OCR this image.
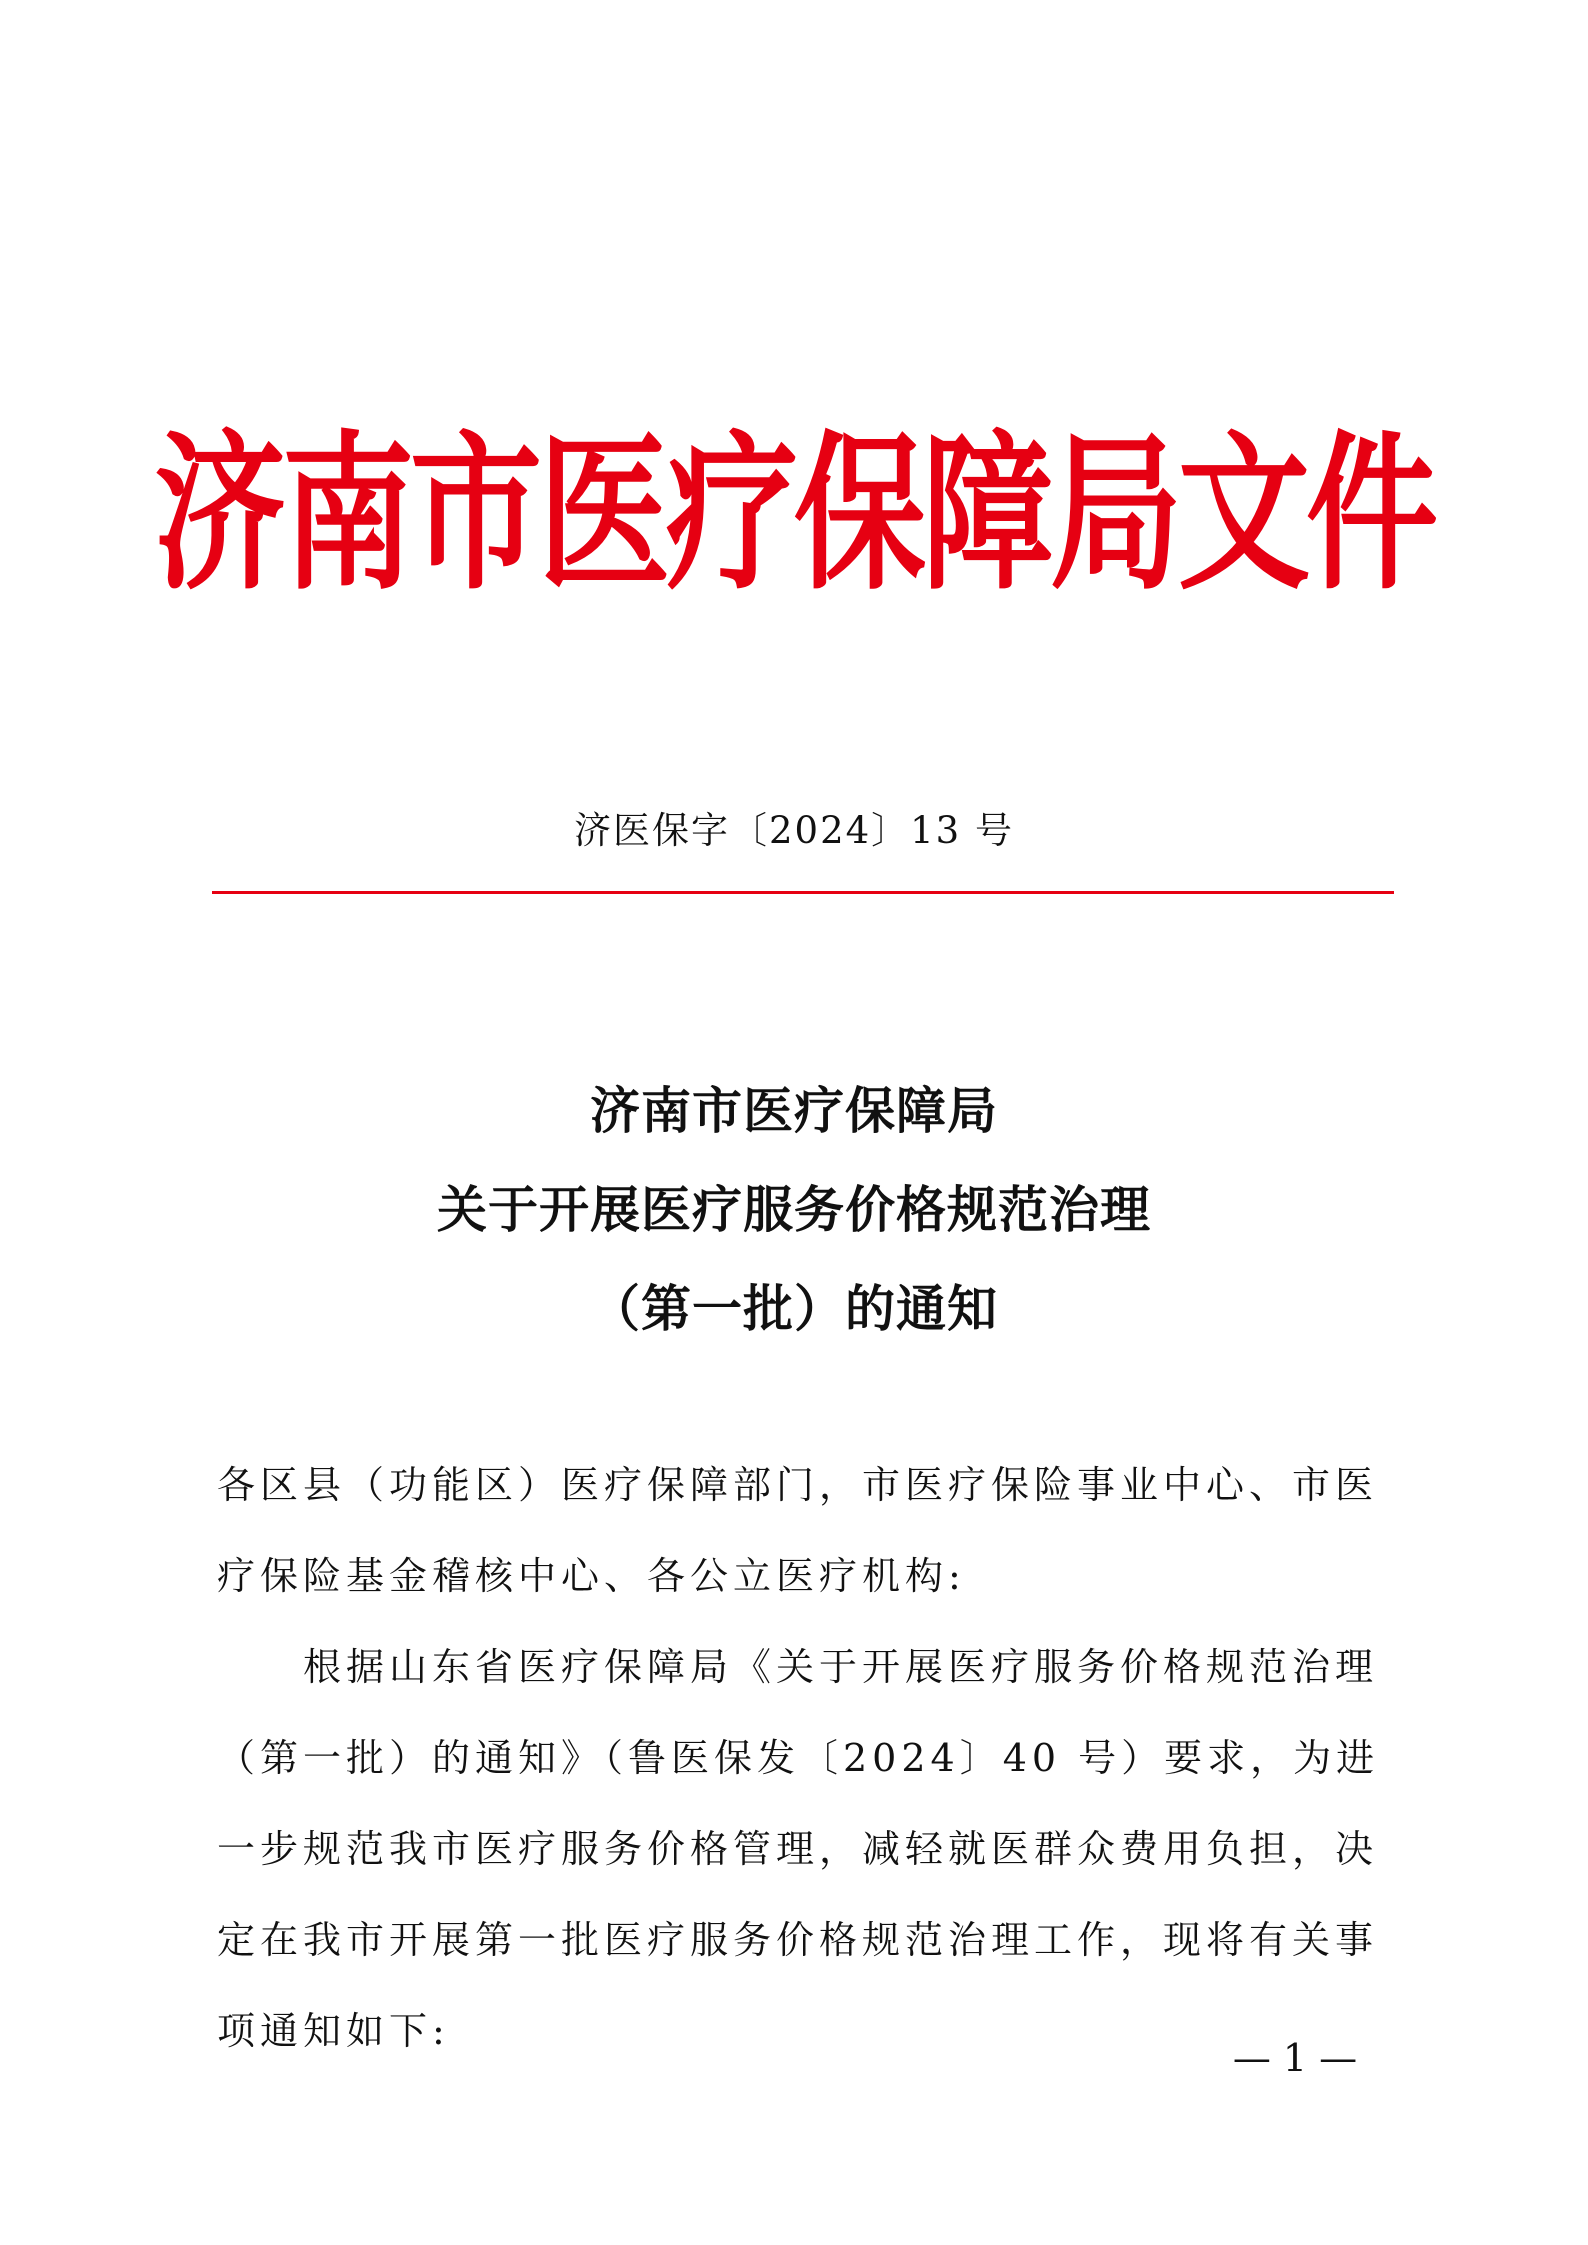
济南市医疗保障局文件
济医保字〔2024〕13 号
济南市医疗保障局
关于开展医疗服务价格规范治理
（第一批）的通知

各区县（功能区）医疗保障部门，市医疗保险事业中心、市医疗保险基金稽核中心、各公立医疗机构:

根据山东省医疗保障局《关于开展医疗服务价格规范治理（第一批）的通知》（鲁医保发〔2024〕40 号）要求，为进一步规范我市医疗服务价格管理，减轻就医群众费用负担，决定在我市开展第一批医疗服务价格规范治理工作，现将有关事项通知如下:

— 1 —
